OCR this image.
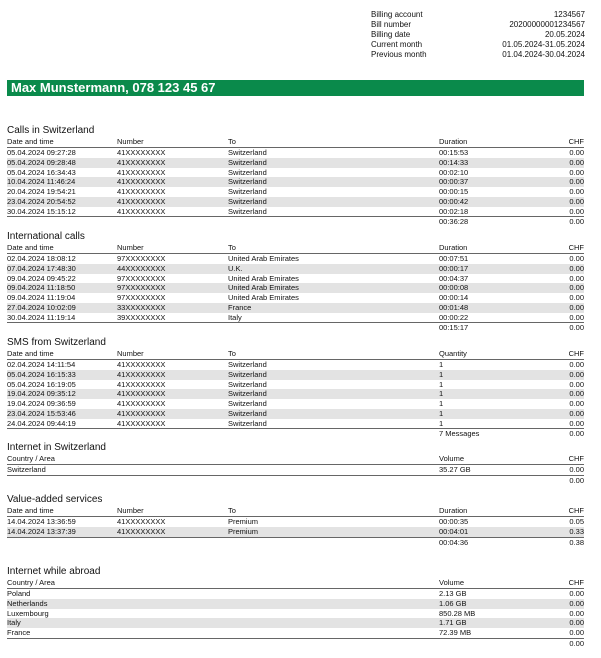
Billing account	1234567
Bill number	20200000001234567
Billing date	20.05.2024
Current month	01.05.2024-31.05.2024
Previous month	01.04.2024-30.04.2024
Max Munstermann, 078 123 45 67
Calls in Switzerland
Date and time	Number	To	Duration	CHF
05.04.2024 09:27:28	41XXXXXXXX	Switzerland	00:15:53	0.00
05.04.2024 09:28:48	41XXXXXXXX	Switzerland	00:14:33	0.00
05.04.2024 16:34:43	41XXXXXXXX	Switzerland	00:02:10	0.00
10.04.2024 11:46:24	41XXXXXXXX	Switzerland	00:00:37	0.00
20.04.2024 19:54:21	41XXXXXXXX	Switzerland	00:00:15	0.00
23.04.2024 20:54:52	41XXXXXXXX	Switzerland	00:00:42	0.00
30.04.2024 15:15:12	41XXXXXXXX	Switzerland	00:02:18	0.00
00:36:28	0.00
International calls
Date and time	Number	To	Duration	CHF
02.04.2024 18:08:12	97XXXXXXXX	United Arab Emirates	00:07:51	0.00
07.04.2024 17:48:30	44XXXXXXXX	U.K.	00:00:17	0.00
09.04.2024 09:45:22	97XXXXXXXX	United Arab Emirates	00:04:37	0.00
09.04.2024 11:18:50	97XXXXXXXX	United Arab Emirates	00:00:08	0.00
09.04.2024 11:19:04	97XXXXXXXX	United Arab Emirates	00:00:14	0.00
27.04.2024 10:02:09	33XXXXXXXX	France	00:01:48	0.00
30.04.2024 11:19:14	39XXXXXXXX	Italy	00:00:22	0.00
00:15:17	0.00
SMS from Switzerland
Date and time	Number	To	Quantity	CHF
02.04.2024 14:11:54	41XXXXXXXX	Switzerland	1	0.00
05.04.2024 16:15:33	41XXXXXXXX	Switzerland	1	0.00
05.04.2024 16:19:05	41XXXXXXXX	Switzerland	1	0.00
19.04.2024 09:35:12	41XXXXXXXX	Switzerland	1	0.00
19.04.2024 09:36:59	41XXXXXXXX	Switzerland	1	0.00
23.04.2024 15:53:46	41XXXXXXXX	Switzerland	1	0.00
24.04.2024 09:44:19	41XXXXXXXX	Switzerland	1	0.00
7 Messages	0.00
Internet in Switzerland
Country / Area	Volume	CHF
Switzerland	35.27 GB	0.00
0.00
Value-added services
Date and time	Number	To	Duration	CHF
14.04.2024 13:36:59	41XXXXXXXX	Premium	00:00:35	0.05
14.04.2024 13:37:39	41XXXXXXXX	Premium	00:04:01	0.33
00:04:36	0.38
Internet while abroad
Country / Area	Volume	CHF
Poland	2.13 GB	0.00
Netherlands	1.06 GB	0.00
Luxembourg	850.28 MB	0.00
Italy	1.71 GB	0.00
France	72.39 MB	0.00
0.00
